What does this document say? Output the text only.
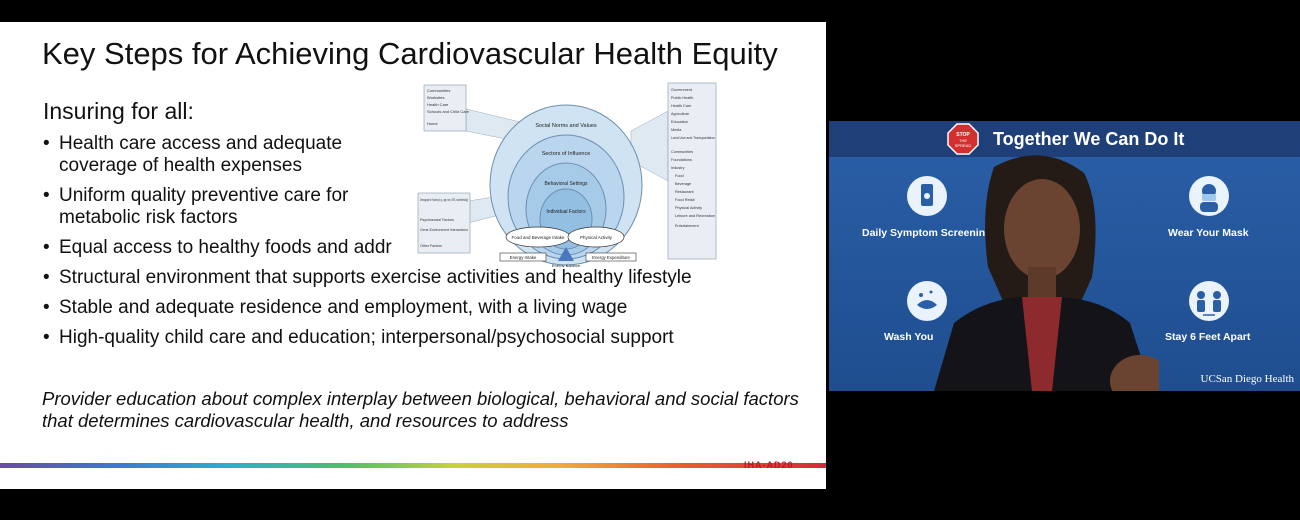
Key Steps for Achieving Cardiovascular Health Equity
Insuring for all:
• Health care access and adequate coverage of health expenses
• Uniform quality preventive care for metabolic risk factors
• Equal access to healthy foods and addr
• Structural environment that supports exercise activities and healthy lifestyle
• Stable and adequate residence and employment, with a living wage
• High-quality child care and education; interpersonal/psychosocial support
Social Norms and Values
Sectors of Influence
Behavioral Settings
Individual Factors
Food and Beverage Intake	Physical Activity
Energy Intake	Energy Expenditure
Energy Balance
Communities
Worksites
Health Care
Schools and Child Care
Home
Demographic Factors (e.g., age, sex, SES, race/ethnicity)
Psychosocial Factors
Gene-Environment Interactions
Other Factors
Government
Public Health
Health Care
Agriculture
Education
Media
Land Use and Transportation
Communities
Foundations
Industry
Food
Beverage
Restaurant
Food Retail
Physical Activity
Leisure and Recreation
Entertainment
Provider education about complex interplay between biological, behavioral and social factors that determines cardiovascular health, and resources to address
IHA-AD20
STOP
THE
SPREAD Together We Can Do It
Daily Symptom Screenin	Wear Your Mask
Wash You	Stay 6 Feet Apart
UCSan Diego Health
